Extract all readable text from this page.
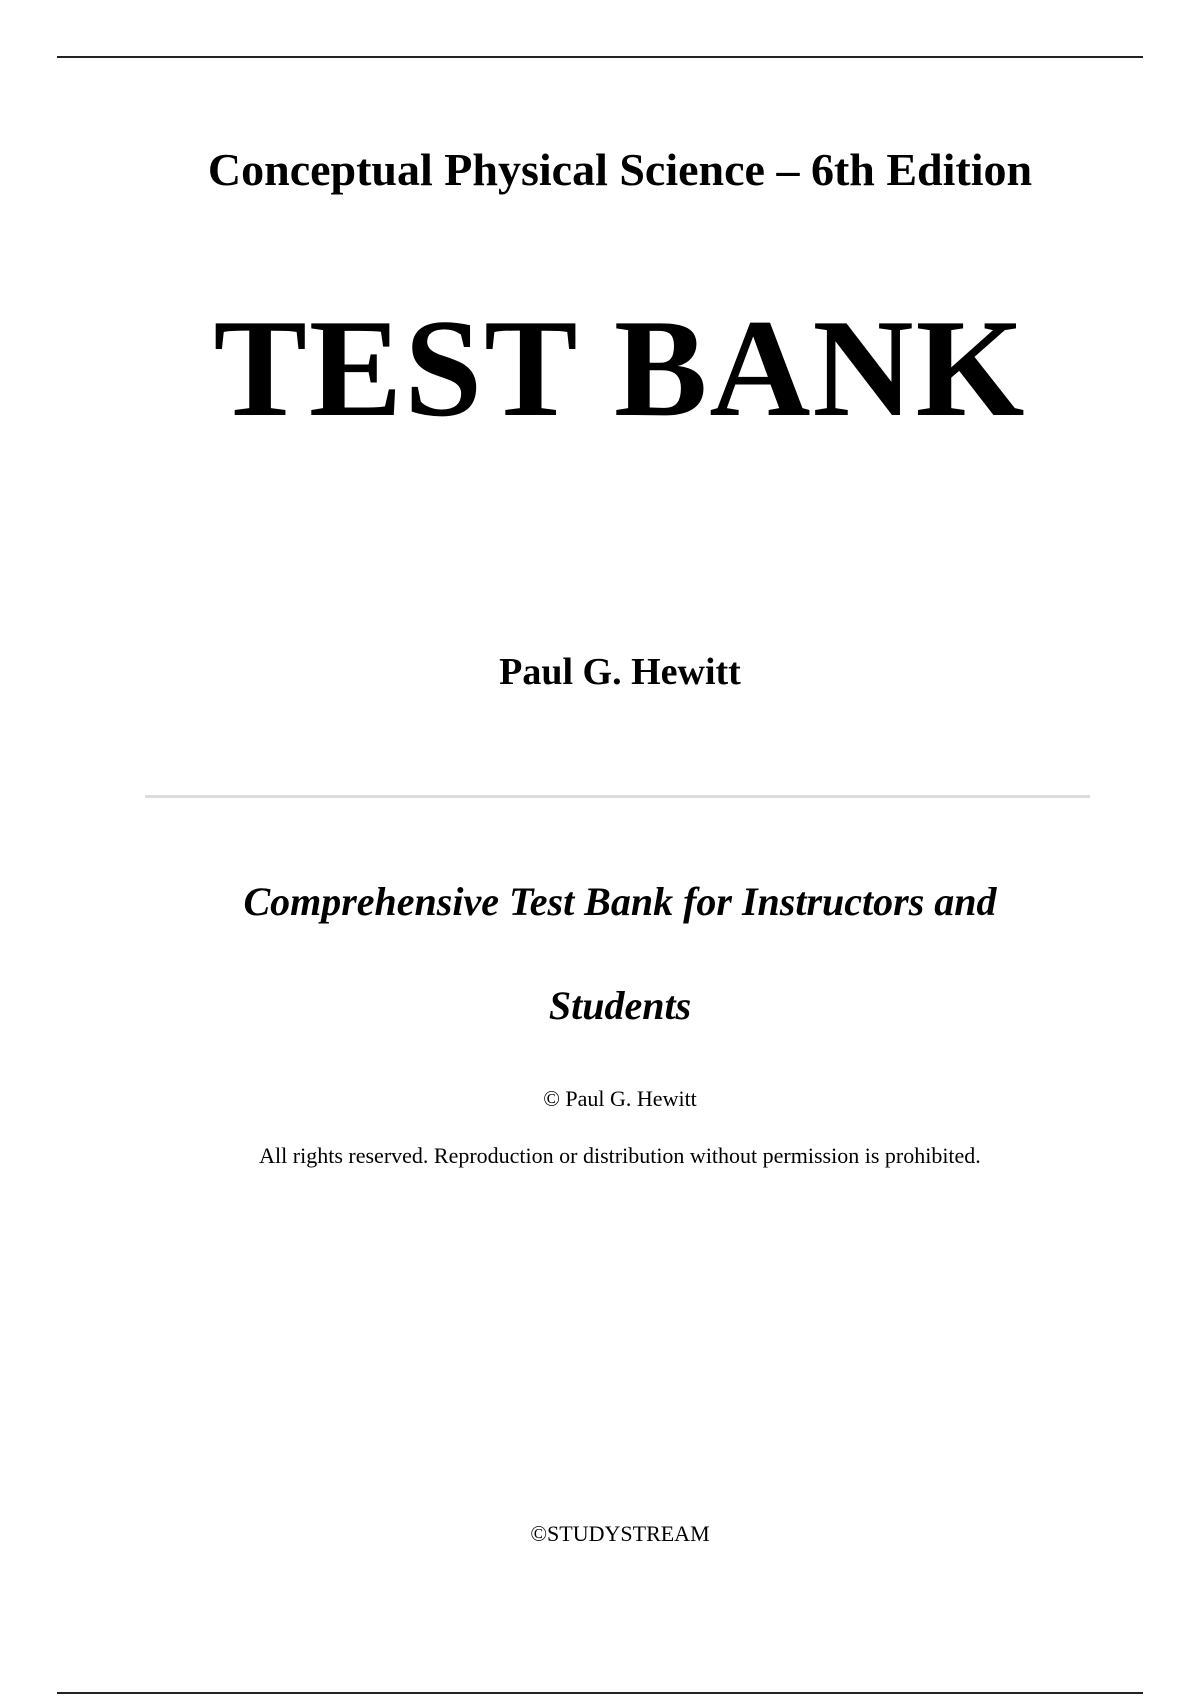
Conceptual Physical Science – 6th Edition
TEST BANK
Paul G. Hewitt
Comprehensive Test Bank for Instructors and
Students
© Paul G. Hewitt
All rights reserved. Reproduction or distribution without permission is prohibited.
©STUDYSTREAM
